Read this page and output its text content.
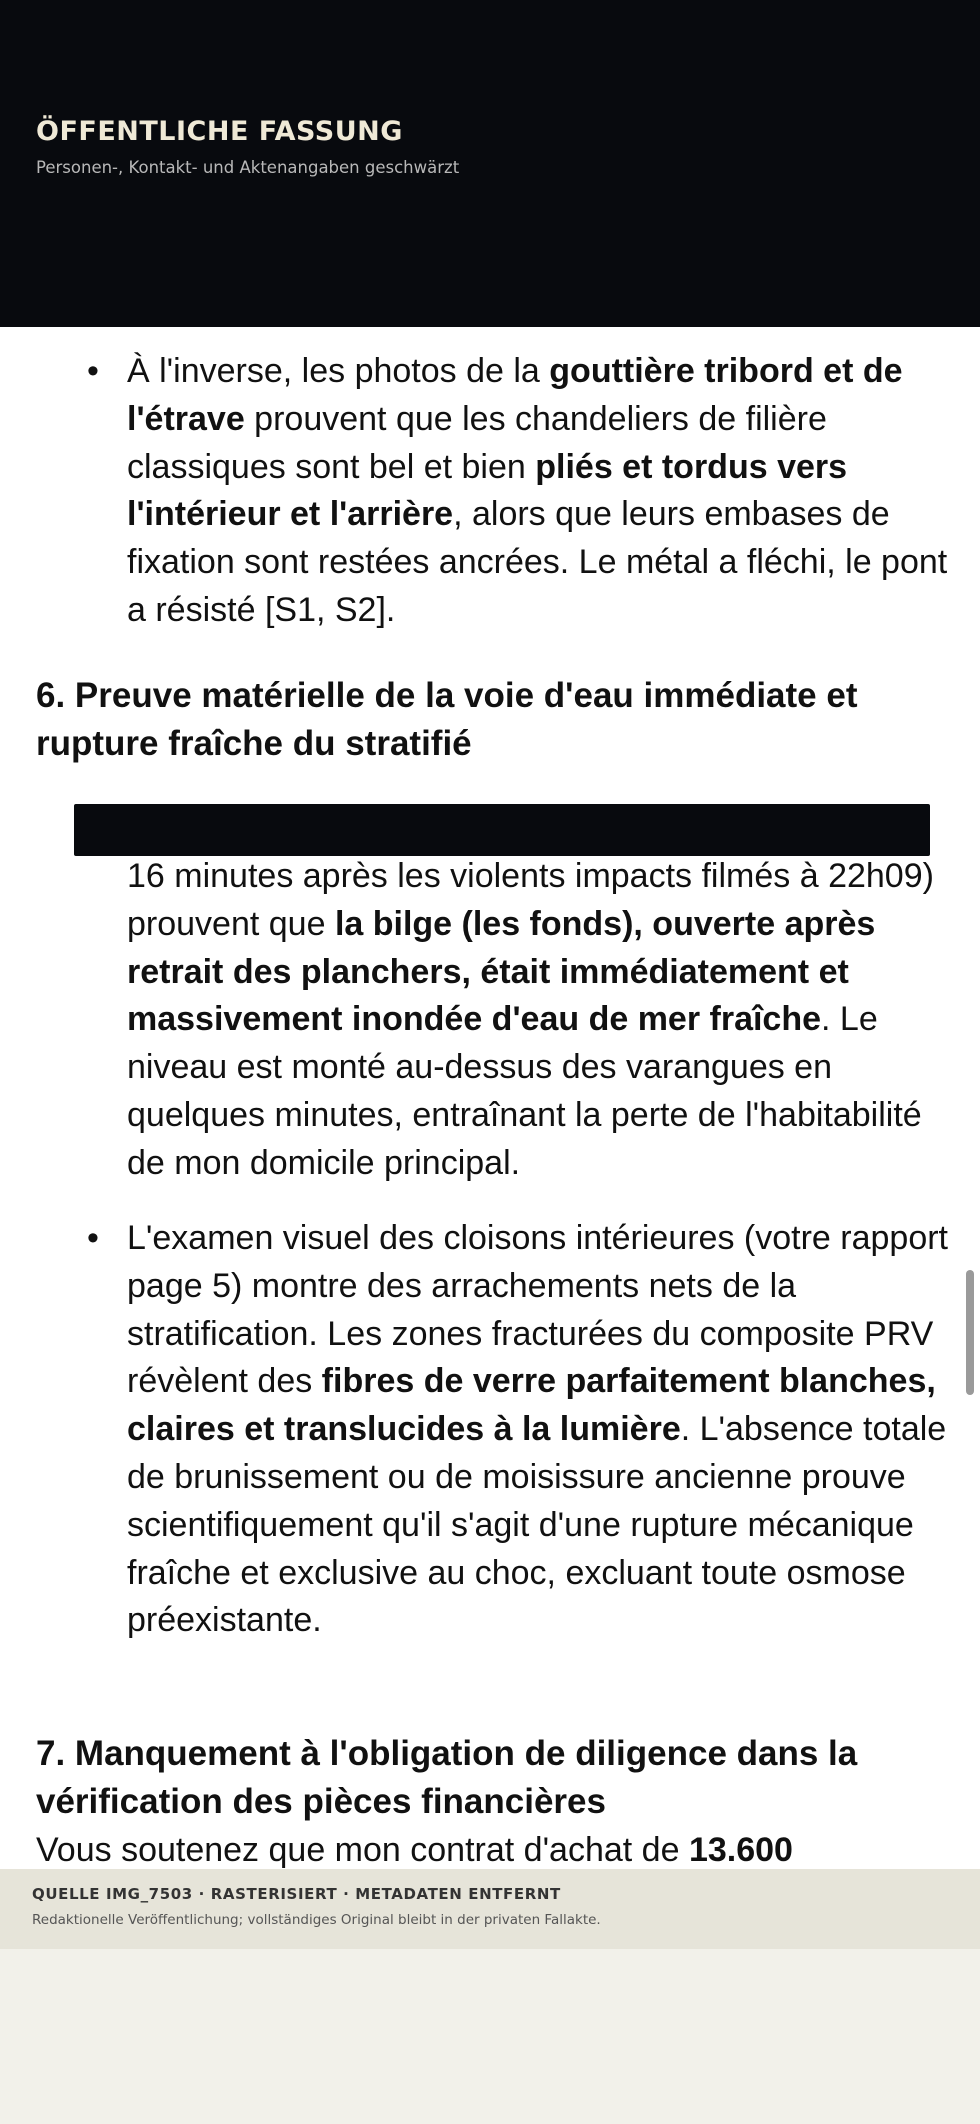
ÖFFENTLICHE FASSUNG
Personen-, Kontakt- und Aktenangaben geschwärzt
• À l'inverse, les photos de la gouttière tribord et de l'étrave prouvent que les chandeliers de filière classiques sont bel et bien pliés et tordus vers l'intérieur et l'arrière, alors que leurs embases de fixation sont restées ancrées. Le métal a fléchi, le pont a résisté [S1, S2].
6. Preuve matérielle de la voie d'eau immédiate et rupture fraîche du stratifié
16 minutes après les violents impacts filmés à 22h09) prouvent que la bilge (les fonds), ouverte après retrait des planchers, était immédiatement et massivement inondée d'eau de mer fraîche. Le niveau est monté au-dessus des varangues en quelques minutes, entraînant la perte de l'habitabilité de mon domicile principal.
• L'examen visuel des cloisons intérieures (votre rapport page 5) montre des arrachements nets de la stratification. Les zones fracturées du composite PRV révèlent des fibres de verre parfaitement blanches, claires et translucides à la lumière. L'absence totale de brunissement ou de moisissure ancienne prouve scientifiquement qu'il s'agit d'une rupture mécanique fraîche et exclusive au choc, excluant toute osmose préexistante.
7. Manquement à l'obligation de diligence dans la vérification des pièces financières
Vous soutenez que mon contrat d'achat de 13.600
QUELLE IMG_7503 · RASTERISIERT · METADATEN ENTFERNT
Redaktionelle Veröffentlichung; vollständiges Original bleibt in der privaten Fallakte.
